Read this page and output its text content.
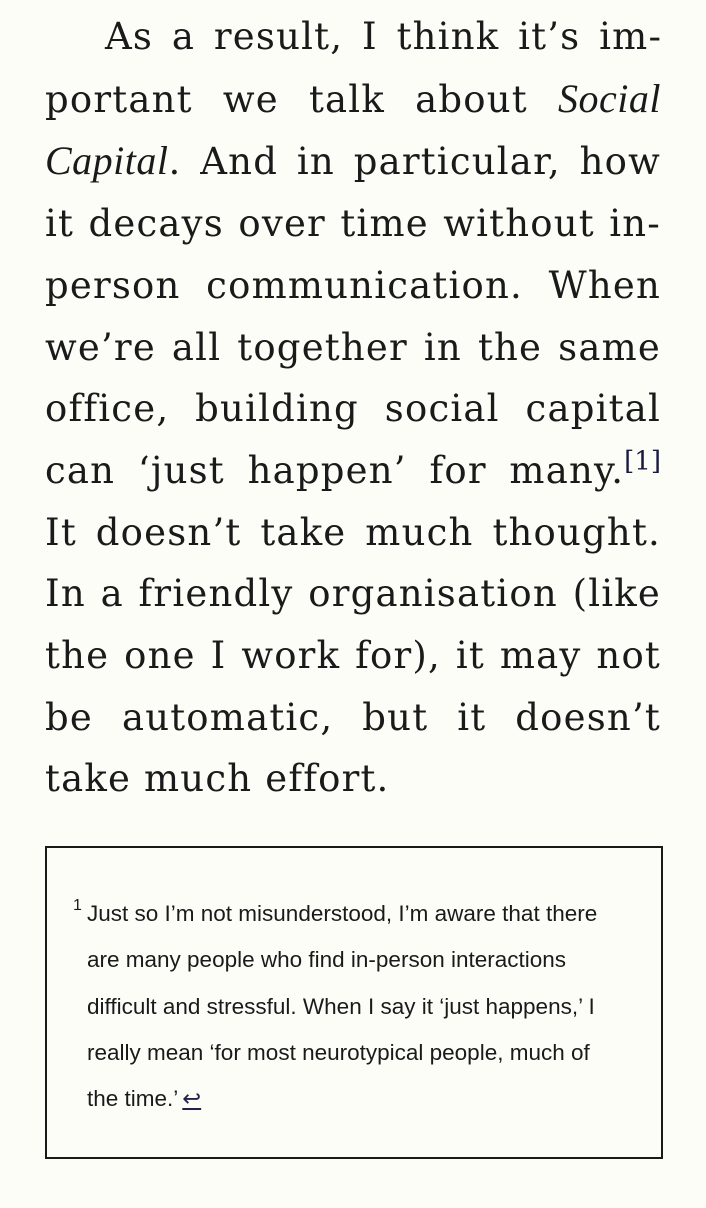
As a result, I think it’s important we talk about Social Capital. And in particular, how it decays over time without in-person communication. When we’re all together in the same office, building social capital can ‘just happen’ for many.[1] It doesn’t take much thought. In a friendly organisation (like the one I work for), it may not be automatic, but it doesn’t take much effort.

1 Just so I’m not misunderstood, I’m aware that there are many people who find in-person interactions difficult and stressful. When I say it ‘just happens,’ I really mean ‘for most neurotypical people, much of the time.’ ↩
